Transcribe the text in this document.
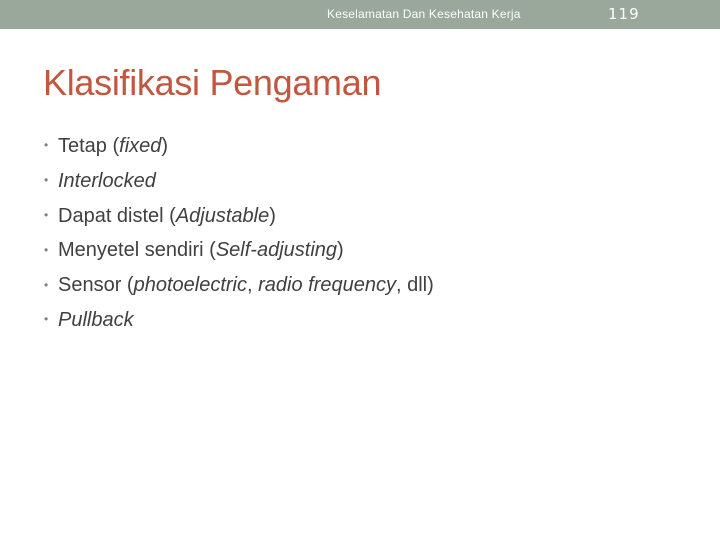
Keselamatan Dan Kesehatan Kerja	119
Klasifikasi Pengaman
• Tetap (fixed)
• Interlocked
• Dapat distel (Adjustable)
• Menyetel sendiri (Self-adjusting)
• Sensor (photoelectric, radio frequency, dll)
• Pullback
